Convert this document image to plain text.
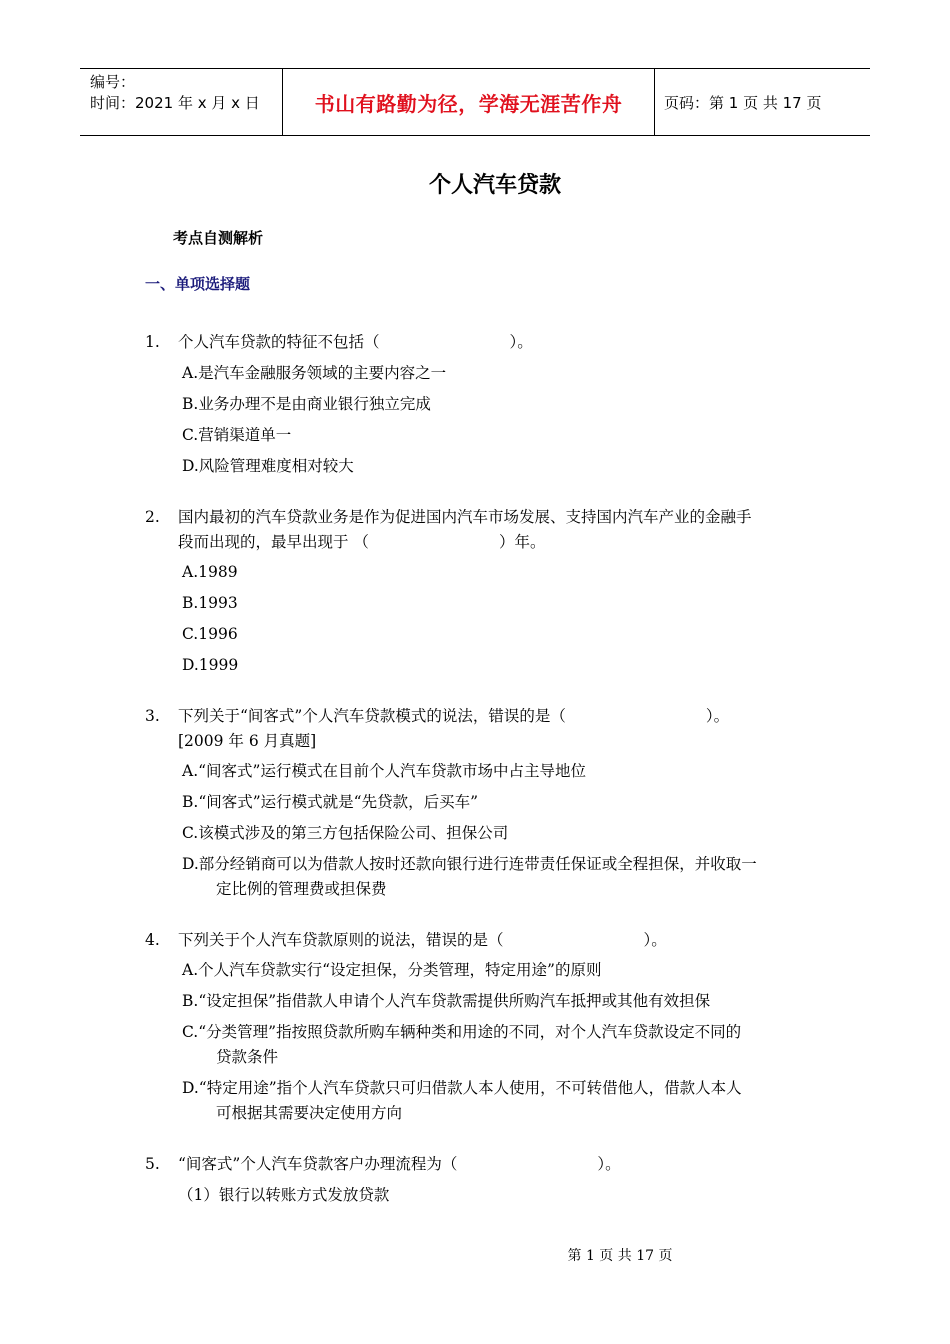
编号：
时间：2021 年 x 月 x 日	书山有路勤为径，学海无涯苦作舟	页码：第 1 页 共 17 页
个人汽车贷款
考点自测解析
一、单项选择题
1. 个人汽车贷款的特征不包括（	）。
A.是汽车金融服务领域的主要内容之一
B.业务办理不是由商业银行独立完成
C.营销渠道单一
D.风险管理难度相对较大
2. 国内最初的汽车贷款业务是作为促进国内汽车市场发展、支持国内汽车产业的金融手
段而出现的，最早出现于 （	）年。
A.1989
B.1993
C.1996
D.1999
3. 下列关于“间客式”个人汽车贷款模式的说法，错误的是（	）。
[2009 年 6 月真题]
A.“间客式”运行模式在目前个人汽车贷款市场中占主导地位
B.“间客式”运行模式就是“先贷款，后买车”
C.该模式涉及的第三方包括保险公司、担保公司
D.部分经销商可以为借款人按时还款向银行进行连带责任保证或全程担保，并收取一
定比例的管理费或担保费
4. 下列关于个人汽车贷款原则的说法，错误的是（	）。
A.个人汽车贷款实行“设定担保，分类管理，特定用途”的原则
B.“设定担保”指借款人申请个人汽车贷款需提供所购汽车抵押或其他有效担保
C.“分类管理”指按照贷款所购车辆种类和用途的不同，对个人汽车贷款设定不同的
贷款条件
D.“特定用途”指个人汽车贷款只可归借款人本人使用，不可转借他人，借款人本人
可根据其需要决定使用方向
5. “间客式”个人汽车贷款客户办理流程为（	）。
（1）银行以转账方式发放贷款
第 1 页 共 17 页
